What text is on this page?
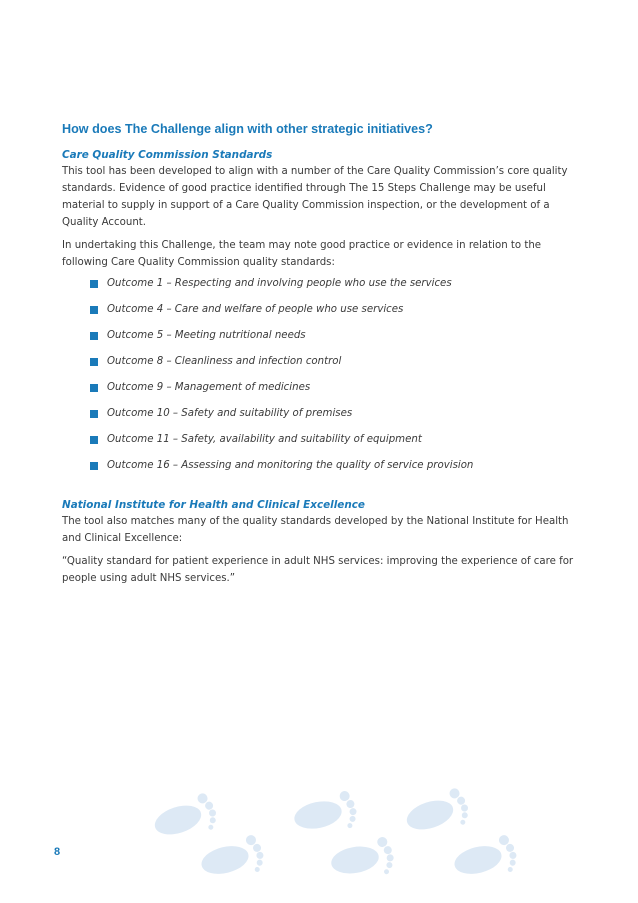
How does The Challenge align with other strategic initiatives?
Care Quality Commission Standards

This tool has been developed to align with a number of the Care Quality Commission’s core quality standards. Evidence of good practice identified through The 15 Steps Challenge may be useful material to supply in support of a Care Quality Commission inspection, or the development of a Quality Account.

In undertaking this Challenge, the team may note good practice or evidence in relation to the following Care Quality Commission quality standards:

Outcome 1 – Respecting and involving people who use the services
Outcome 4 – Care and welfare of people who use services
Outcome 5 – Meeting nutritional needs
Outcome 8 – Cleanliness and infection control
Outcome 9 – Management of medicines
Outcome 10 – Safety and suitability of premises
Outcome 11 – Safety, availability and suitability of equipment
Outcome 16 – Assessing and monitoring the quality of service provision
National Institute for Health and Clinical Excellence

The tool also matches many of the quality standards developed by the National Institute for Health and Clinical Excellence:

“Quality standard for patient experience in adult NHS services: improving the experience of care for people using adult NHS services.”

8
